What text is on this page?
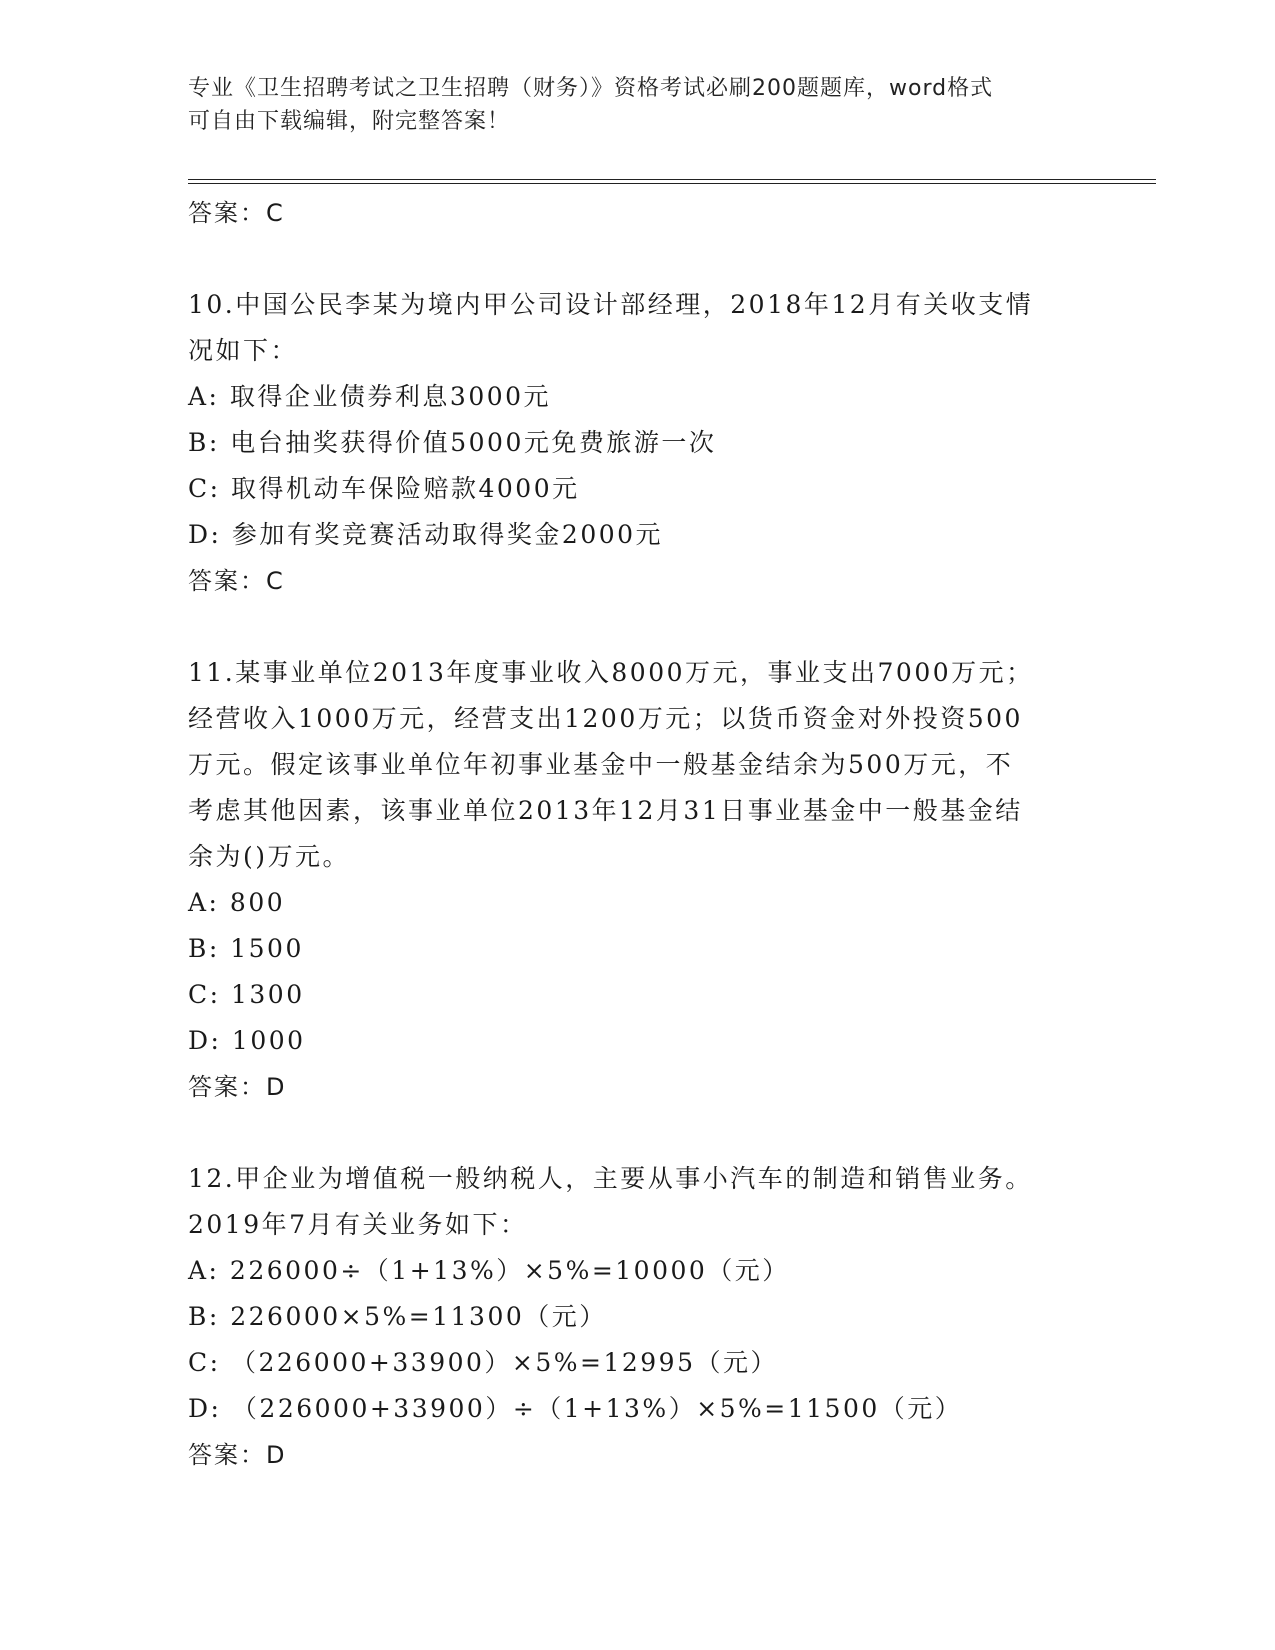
专业《卫生招聘考试之卫生招聘（财务）》资格考试必刷200题题库，word格式
可自由下载编辑，附完整答案！
答案：C
10.中国公民李某为境内甲公司设计部经理，2018年12月有关收支情
况如下：
A: 取得企业债券利息3000元
B: 电台抽奖获得价值5000元免费旅游一次
C: 取得机动车保险赔款4000元
D: 参加有奖竞赛活动取得奖金2000元
答案：C
11.某事业单位2013年度事业收入8000万元，事业支出7000万元；
经营收入1000万元，经营支出1200万元；以货币资金对外投资500
万元。假定该事业单位年初事业基金中一般基金结余为500万元，不
考虑其他因素，该事业单位2013年12月31日事业基金中一般基金结
余为()万元。
A: 800
B: 1500
C: 1300
D: 1000
答案：D
12.甲企业为增值税一般纳税人，主要从事小汽车的制造和销售业务。
2019年7月有关业务如下：
A: 226000÷（1+13%）×5%=10000（元）
B: 226000×5%=11300（元）
C: （226000+33900）×5%=12995（元）
D: （226000+33900）÷（1+13%）×5%=11500（元）
答案：D
